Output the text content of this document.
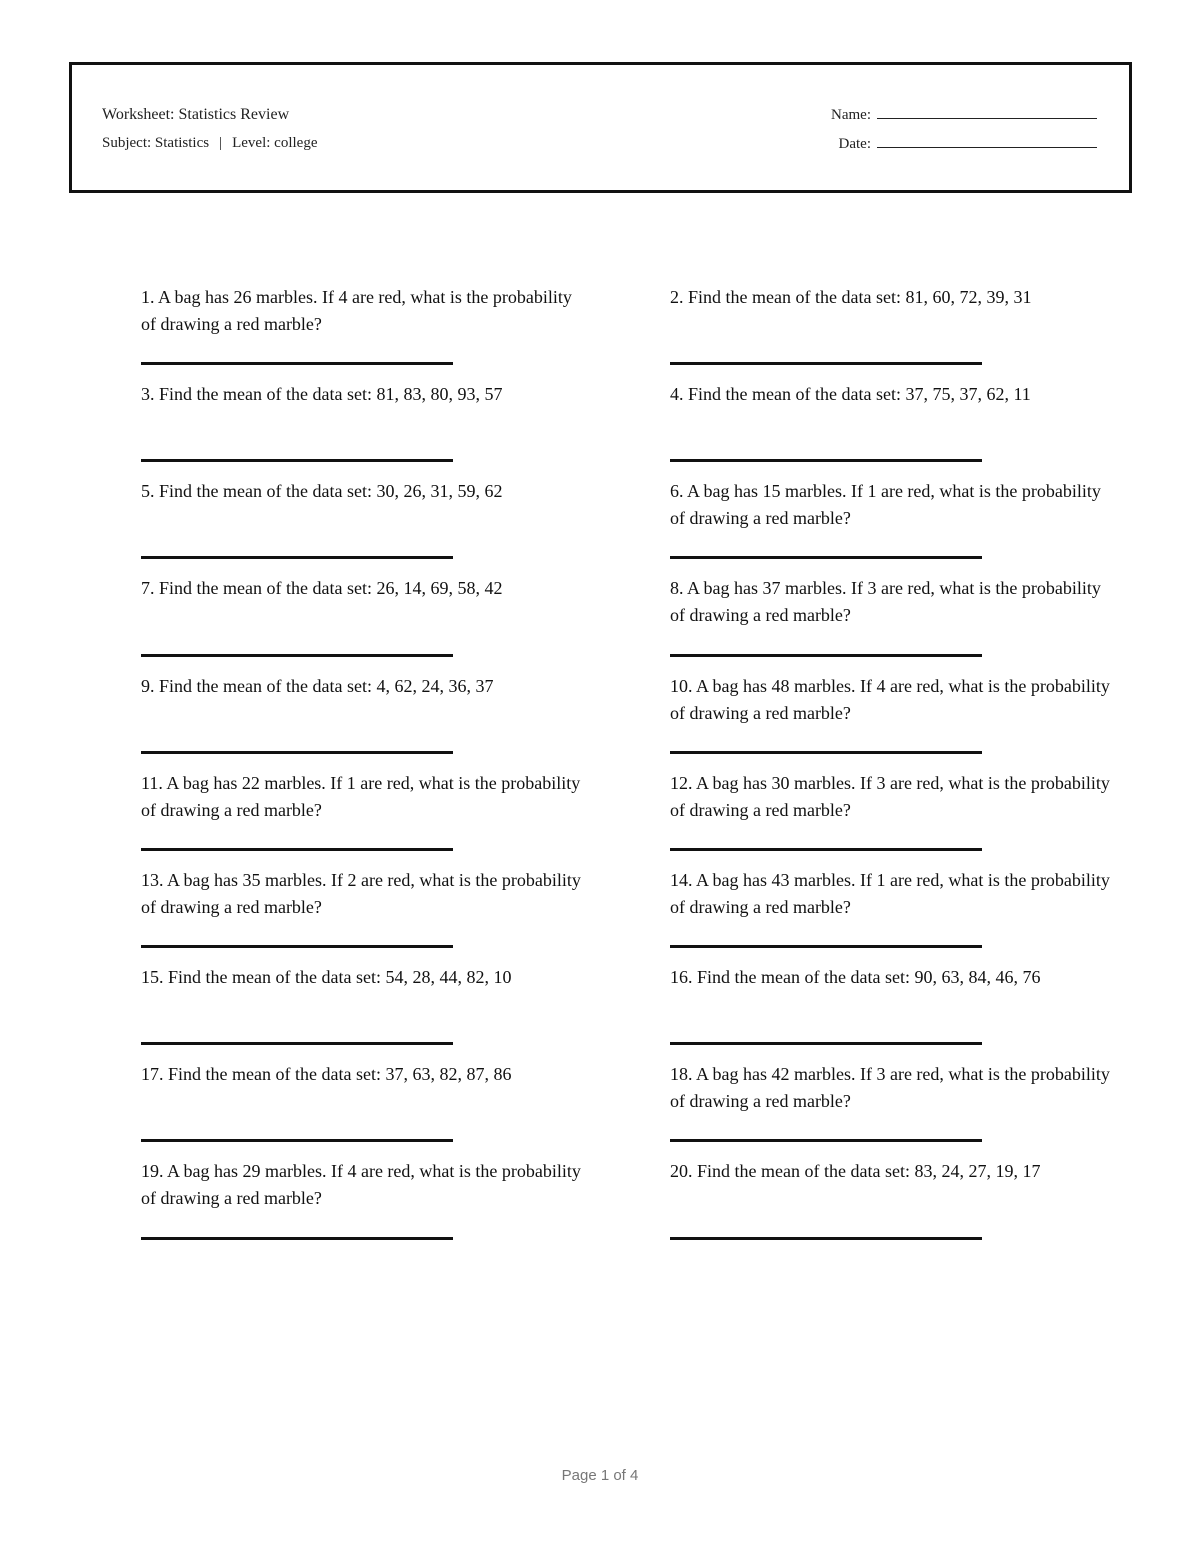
Worksheet: Statistics Review
Subject: Statistics | Level: college
Name:
Date:
1. A bag has 26 marbles. If 4 are red, what is the probability of drawing a red marble?
2. Find the mean of the data set: 81, 60, 72, 39, 31
3. Find the mean of the data set: 81, 83, 80, 93, 57	4. Find the mean of the data set: 37, 75, 37, 62, 11
5. Find the mean of the data set: 30, 26, 31, 59, 62	6. A bag has 15 marbles. If 1 are red, what is the probability of drawing a red marble?
7. Find the mean of the data set: 26, 14, 69, 58, 42	8. A bag has 37 marbles. If 3 are red, what is the probability of drawing a red marble?
9. Find the mean of the data set: 4, 62, 24, 36, 37	10. A bag has 48 marbles. If 4 are red, what is the probability of drawing a red marble?
11. A bag has 22 marbles. If 1 are red, what is the probability of drawing a red marble?
12. A bag has 30 marbles. If 3 are red, what is the probability of drawing a red marble?
13. A bag has 35 marbles. If 2 are red, what is the probability of drawing a red marble?
14. A bag has 43 marbles. If 1 are red, what is the probability of drawing a red marble?
15. Find the mean of the data set: 54, 28, 44, 82, 10	16. Find the mean of the data set: 90, 63, 84, 46, 76
17. Find the mean of the data set: 37, 63, 82, 87, 86	18. A bag has 42 marbles. If 3 are red, what is the probability of drawing a red marble?
19. A bag has 29 marbles. If 4 are red, what is the probability of drawing a red marble?
20. Find the mean of the data set: 83, 24, 27, 19, 17
Page 1 of 4
